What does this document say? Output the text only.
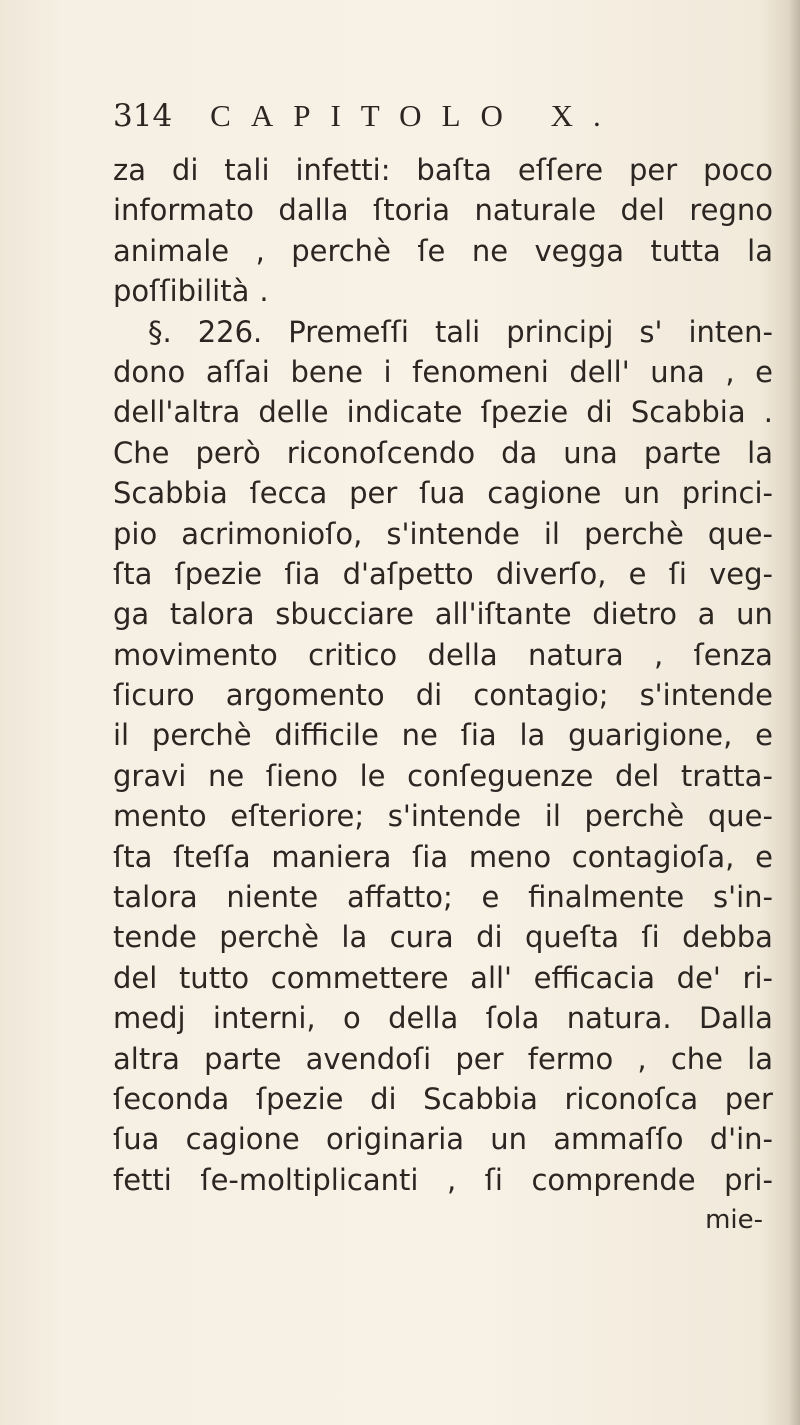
314 CAPITOLO X.
za di tali infetti: baſta eſſere per poco
informato dalla ſtoria naturale del regno
animale , perchè ſe ne vegga tutta la
poſſibilità .
§. 226. Premeſſi tali principj s' inten-
dono aſſai bene i fenomeni dell' una , e
dell'altra delle indicate ſpezie di Scabbia .
Che però riconoſcendo da una parte la
Scabbia ſecca per ſua cagione un princi-
pio acrimonioſo, s'intende il perchè que-
ſta ſpezie ſia d'aſpetto diverſo, e ſi veg-
ga talora sbucciare all'iſtante dietro a un
movimento critico della natura , ſenza
ſicuro argomento di contagio; s'intende
il perchè difficile ne ſia la guarigione, e
gravi ne ſieno le conſeguenze del tratta-
mento eſteriore; s'intende il perchè que-
ſta ſteſſa maniera ſia meno contagioſa, e
talora niente affatto; e finalmente s'in-
tende perchè la cura di queſta ſi debba
del tutto commettere all' efficacia de' ri-
medj interni, o della ſola natura. Dalla
altra parte avendoſi per fermo , che la
ſeconda ſpezie di Scabbia riconoſca per
ſua cagione originaria un ammaſſo d'in-
fetti ſe-moltiplicanti , ſi comprende pri-
mie-
